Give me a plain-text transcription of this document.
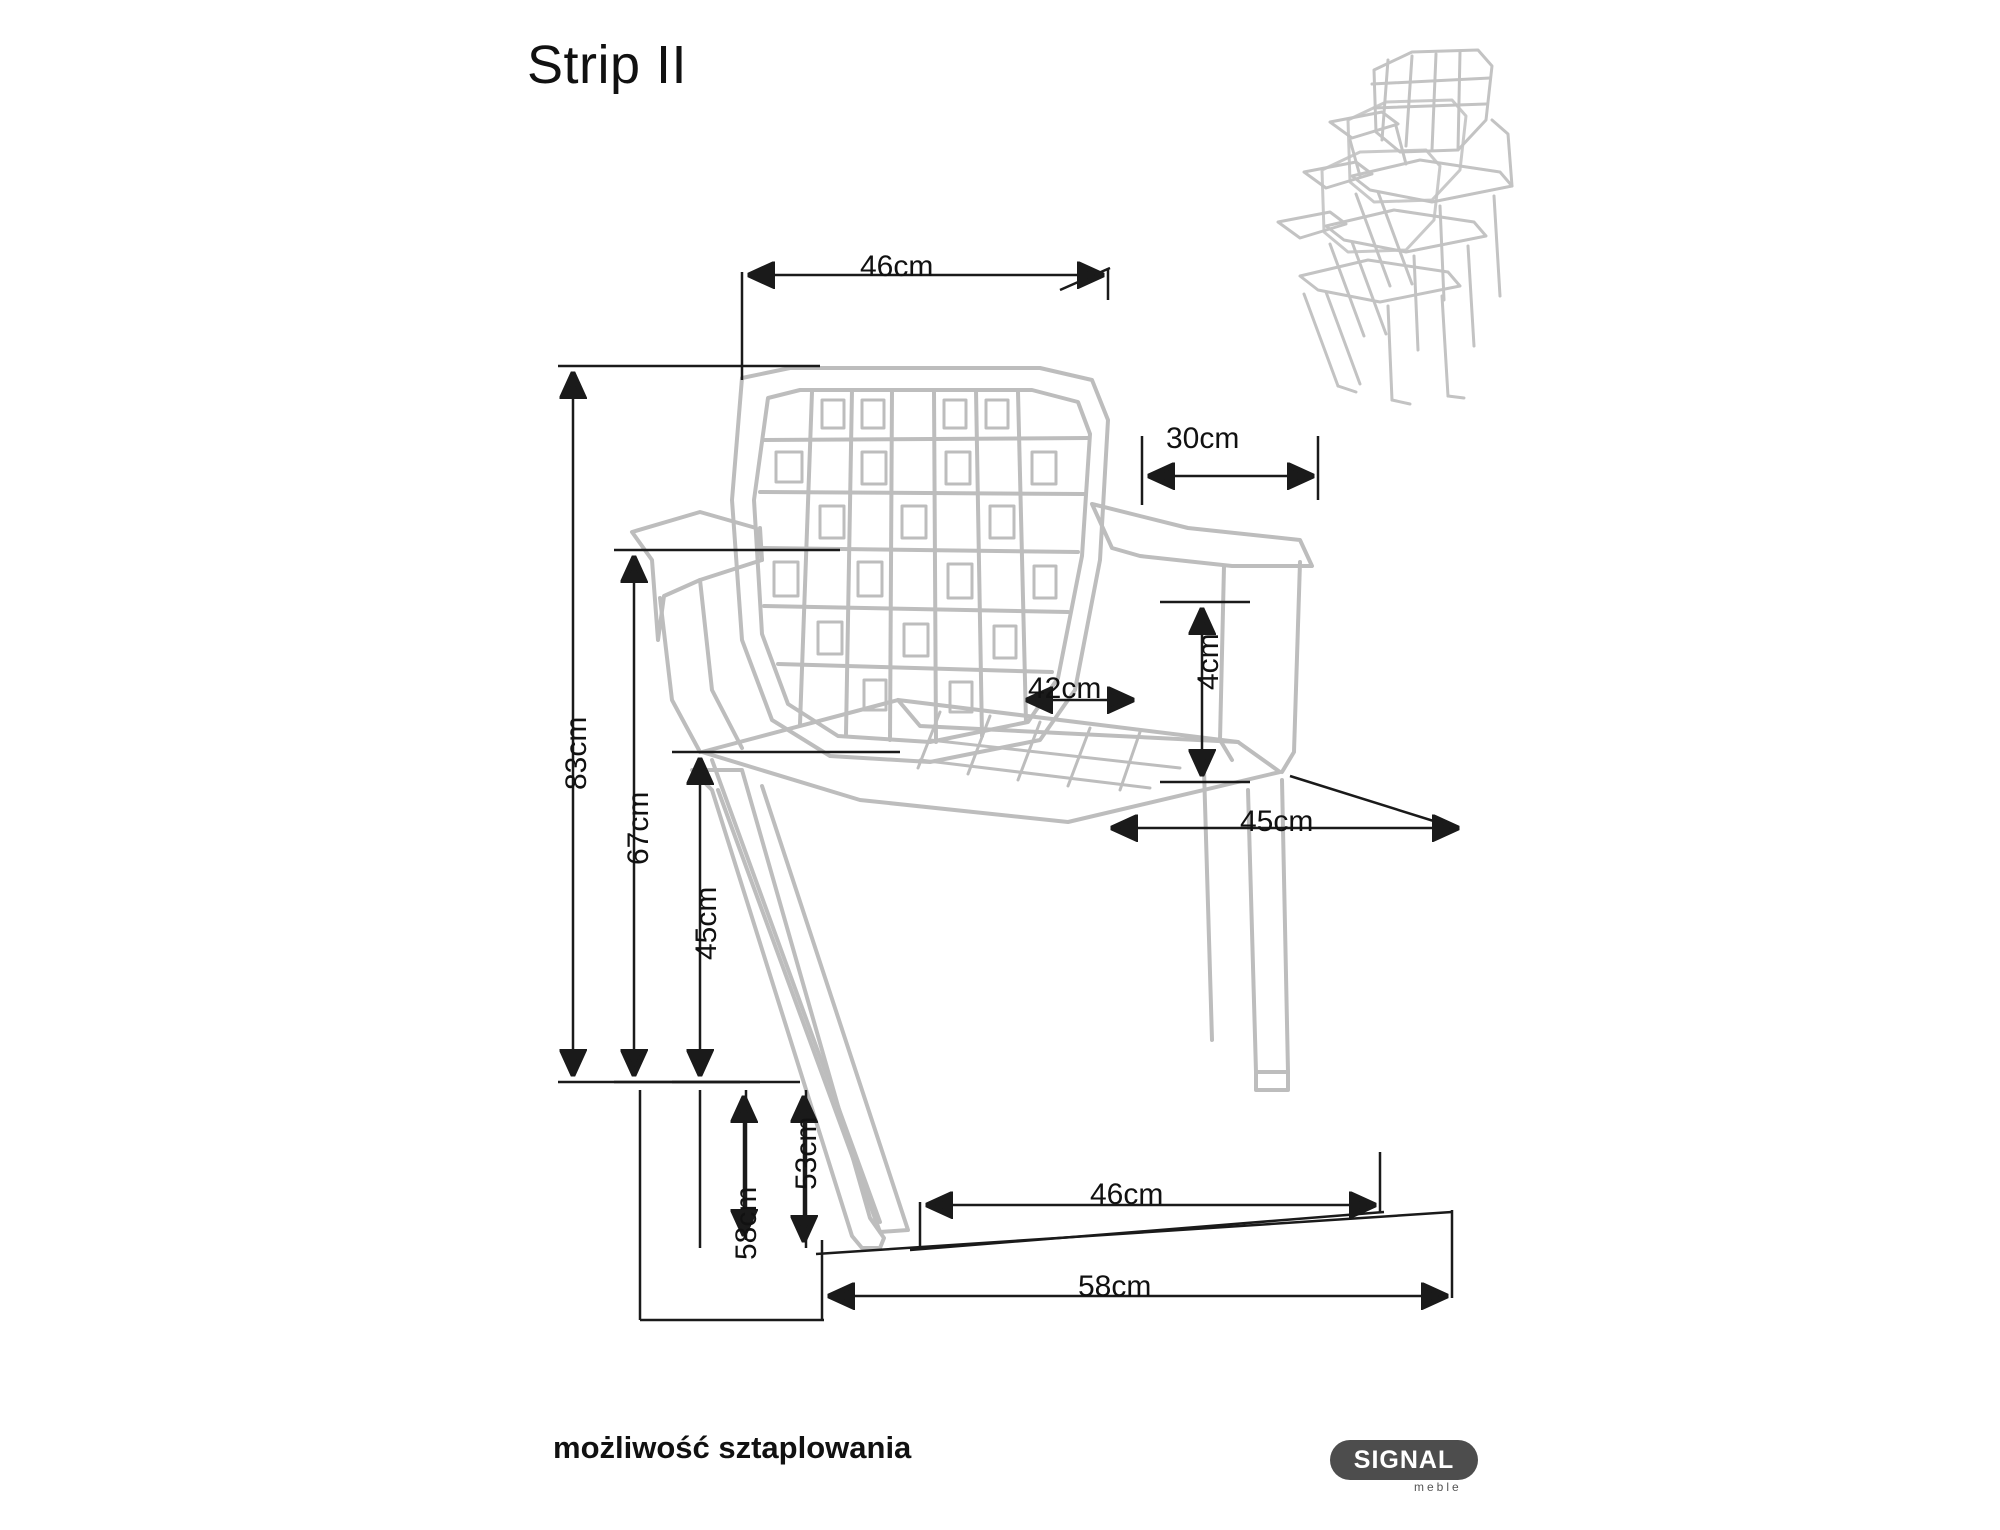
Strip II
46cm
30cm
4cm
42cm
45cm
83cm
67cm
45cm
53cm
58cm	46cm
58cm
możliwość sztaplowania	SIGNAL
meble
